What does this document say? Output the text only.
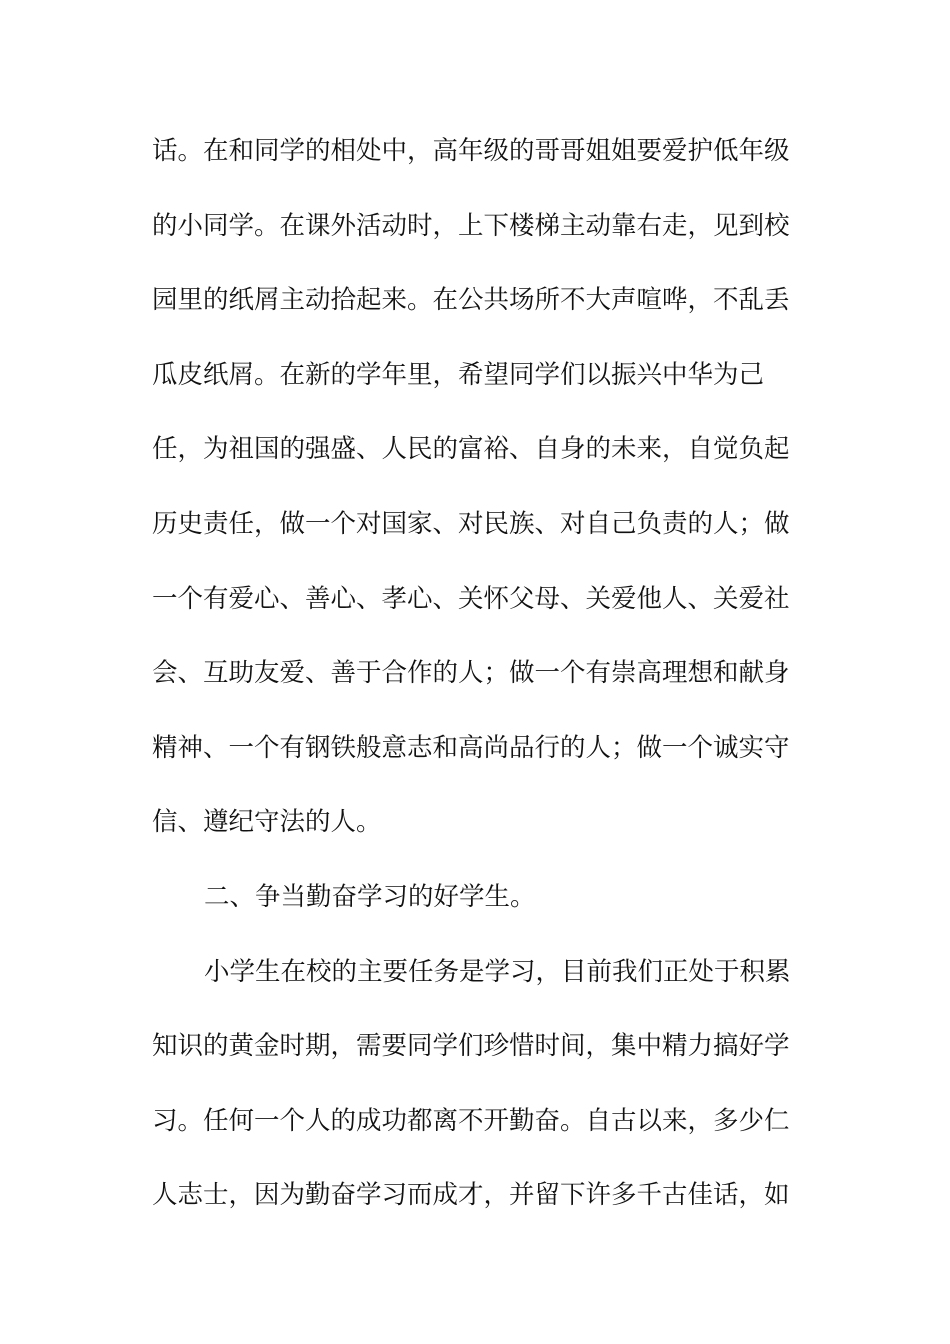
话。在和同学的相处中，高年级的哥哥姐姐要爱护低年级
的小同学。在课外活动时，上下楼梯主动靠右走，见到校
园里的纸屑主动拾起来。在公共场所不大声喧哗，不乱丢
瓜皮纸屑。在新的学年里，希望同学们以振兴中华为己
任，为祖国的强盛、人民的富裕、自身的未来，自觉负起
历史责任，做一个对国家、对民族、对自己负责的人；做
一个有爱心、善心、孝心、关怀父母、关爱他人、关爱社
会、互助友爱、善于合作的人；做一个有崇高理想和献身
精神、一个有钢铁般意志和高尚品行的人；做一个诚实守
信、遵纪守法的人。
二、争当勤奋学习的好学生。
小学生在校的主要任务是学习，目前我们正处于积累
知识的黄金时期，需要同学们珍惜时间，集中精力搞好学
习。任何一个人的成功都离不开勤奋。自古以来，多少仁
人志士，因为勤奋学习而成才，并留下许多千古佳话，如
